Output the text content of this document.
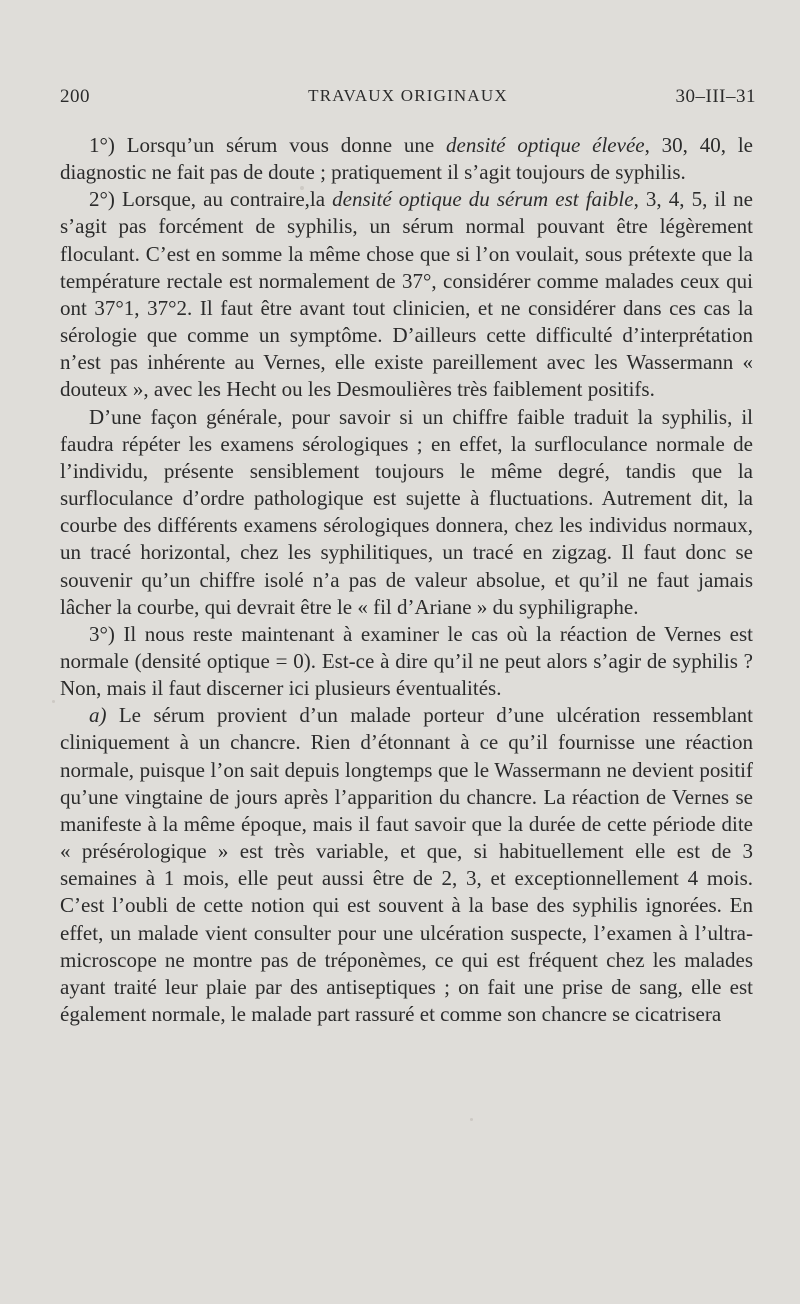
200	TRAVAUX ORIGINAUX	30–III–31

1°) Lorsqu’un sérum vous donne une densité optique élevée, 30, 40, le diagnostic ne fait pas de doute ; pratiquement il s’agit toujours de syphilis.

2°) Lorsque, au contraire,la densité optique du sérum est faible, 3, 4, 5, il ne s’agit pas forcément de syphilis, un sérum normal pouvant être légèrement floculant. C’est en somme la même chose que si l’on voulait, sous prétexte que la température rectale est normalement de 37°, considérer comme malades ceux qui ont 37°1, 37°2. Il faut être avant tout clinicien, et ne considérer dans ces cas la sérologie que comme un symptôme. D’ailleurs cette difficulté d’interprétation n’est pas inhérente au Vernes, elle existe pareillement avec les Wassermann « douteux », avec les Hecht ou les Desmoulières très faiblement positifs.

D’une façon générale, pour savoir si un chiffre faible traduit la syphilis, il faudra répéter les examens sérologiques ; en effet, la surfloculance normale de l’individu, présente sensiblement toujours le même degré, tandis que la surfloculance d’ordre pathologique est sujette à fluctuations. Autrement dit, la courbe des différents examens sérologiques donnera, chez les individus normaux, un tracé horizontal, chez les syphilitiques, un tracé en zigzag. Il faut donc se souvenir qu’un chiffre isolé n’a pas de valeur absolue, et qu’il ne faut jamais lâcher la courbe, qui devrait être le « fil d’Ariane » du syphiligraphe.

3°) Il nous reste maintenant à examiner le cas où la réaction de Vernes est normale (densité optique = 0). Est-ce à dire qu’il ne peut alors s’agir de syphilis ? Non, mais il faut discerner ici plusieurs éventualités.

a) Le sérum provient d’un malade porteur d’une ulcération ressemblant cliniquement à un chancre. Rien d’étonnant à ce qu’il fournisse une réaction normale, puisque l’on sait depuis longtemps que le Wassermann ne devient positif qu’une vingtaine de jours après l’apparition du chancre. La réaction de Vernes se manifeste à la même époque, mais il faut savoir que la durée de cette période dite « présérologique » est très variable, et que, si habituellement elle est de 3 semaines à 1 mois, elle peut aussi être de 2, 3, et exceptionnellement 4 mois. C’est l’oubli de cette notion qui est souvent à la base des syphilis ignorées. En effet, un malade vient consulter pour une ulcération suspecte, l’examen à l’ultra-microscope ne montre pas de tréponèmes, ce qui est fréquent chez les malades ayant traité leur plaie par des antiseptiques ; on fait une prise de sang, elle est également normale, le malade part rassuré et comme son chancre se cicatrisera
